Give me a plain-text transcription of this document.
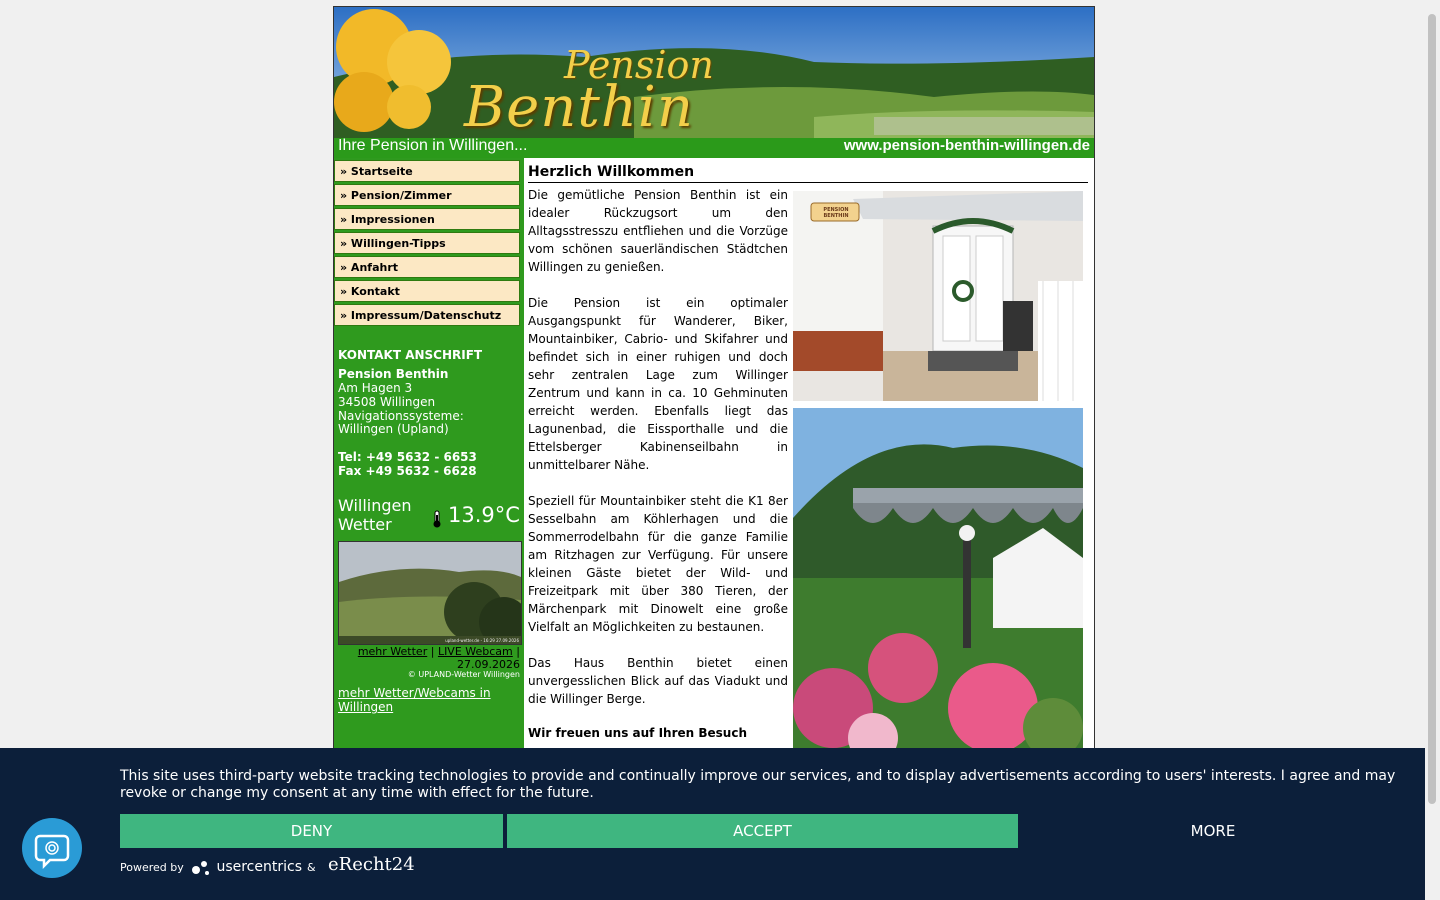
Pension
Benthin
Ihre Pension in Willingen...	www.pension-benthin-willingen.de
» Startseite
» Pension/Zimmer
» Impressionen
» Willingen-Tipps
» Anfahrt
» Kontakt
» Impressum/Datenschutz
KONTAKT ANSCHRIFT
Pension Benthin
Am Hagen 3
34508 Willingen
Navigationssysteme:
Willingen (Upland)
Tel: +49 5632 - 6653
Fax +49 5632 - 6628
Willingen
Wetter	13.9°C
upland-wetter.de - 16:29 27.09.2026
mehr Wetter | LIVE Webcam |
27.09.2026
© UPLAND-Wetter Willingen
mehr Wetter/Webcams in Willingen
Herzlich Willkommen
Die gemütliche Pension Benthin ist ein idealer Rückzugsort um den Alltagsstresszu entfliehen und die Vorzüge vom schönen sauerländischen Städtchen Willingen zu genießen.
Die Pension ist ein optimaler Ausgangspunkt für Wanderer, Biker, Mountainbiker, Cabrio- und Skifahrer und befindet sich in einer ruhigen und doch sehr zentralen Lage zum Willinger Zentrum und kann in ca. 10 Gehminuten erreicht werden. Ebenfalls liegt das Lagunenbad, die Eissporthalle und die Ettelsberger Kabinenseilbahn in unmittelbarer Nähe.
Speziell für Mountainbiker steht die K1 8er Sesselbahn am Köhlerhagen und die Sommerrodelbahn für die ganze Familie am Ritzhagen zur Verfügung. Für unsere kleinen Gäste bietet der Wild- und Freizeitpark mit über 380 Tieren, der Märchenpark mit Dinowelt eine große Vielfalt an Möglichkeiten zu bestaunen.
Das Haus Benthin bietet einen unvergesslichen Blick auf das Viadukt und die Willinger Berge.
Wir freuen uns auf Ihren Besuch
PENSION BENTHIN
This site uses third-party website tracking technologies to provide and continually improve our services, and to display advertisements according to users' interests. I agree and may revoke or change my consent at any time with effect for the future.
DENY	ACCEPT	MORE
Powered by	usercentrics & eRecht24
